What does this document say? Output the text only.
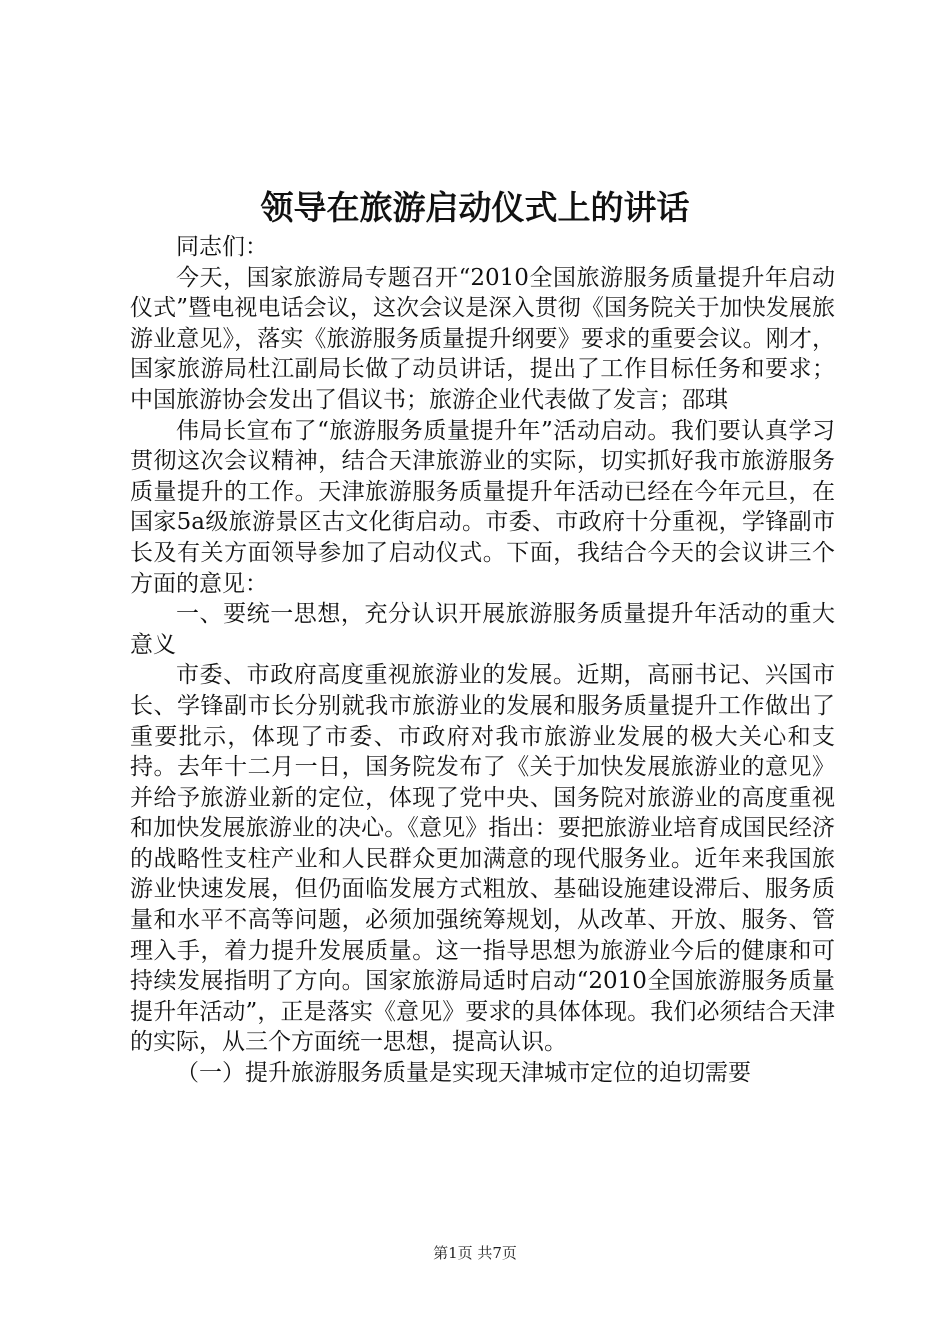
领导在旅游启动仪式上的讲话

同志们：

今天，国家旅游局专题召开“2010全国旅游服务质量提升年启动仪式”暨电视电话会议，这次会议是深入贯彻《国务院关于加快发展旅游业意见》，落实《旅游服务质量提升纲要》要求的重要会议。刚才，国家旅游局杜江副局长做了动员讲话，提出了工作目标任务和要求；中国旅游协会发出了倡议书；旅游企业代表做了发言；邵琪

伟局长宣布了“旅游服务质量提升年”活动启动。我们要认真学习贯彻这次会议精神，结合天津旅游业的实际，切实抓好我市旅游服务质量提升的工作。天津旅游服务质量提升年活动已经在今年元旦，在国家5a级旅游景区古文化街启动。市委、市政府十分重视，学锋副市长及有关方面领导参加了启动仪式。下面，我结合今天的会议讲三个方面的意见：

一、要统一思想，充分认识开展旅游服务质量提升年活动的重大意义

市委、市政府高度重视旅游业的发展。近期，高丽书记、兴国市长、学锋副市长分别就我市旅游业的发展和服务质量提升工作做出了重要批示，体现了市委、市政府对我市旅游业发展的极大关心和支持。去年十二月一日，国务院发布了《关于加快发展旅游业的意见》并给予旅游业新的定位，体现了党中央、国务院对旅游业的高度重视和加快发展旅游业的决心。《意见》指出：要把旅游业培育成国民经济的战略性支柱产业和人民群众更加满意的现代服务业。近年来我国旅游业快速发展，但仍面临发展方式粗放、基础设施建设滞后、服务质量和水平不高等问题，必须加强统筹规划，从改革、开放、服务、管理入手，着力提升发展质量。这一指导思想为旅游业今后的健康和可持续发展指明了方向。国家旅游局适时启动“2010全国旅游服务质量提升年活动”，正是落实《意见》要求的具体体现。我们必须结合天津的实际，从三个方面统一思想，提高认识。

（一）提升旅游服务质量是实现天津城市定位的迫切需要

第1页 共7页
